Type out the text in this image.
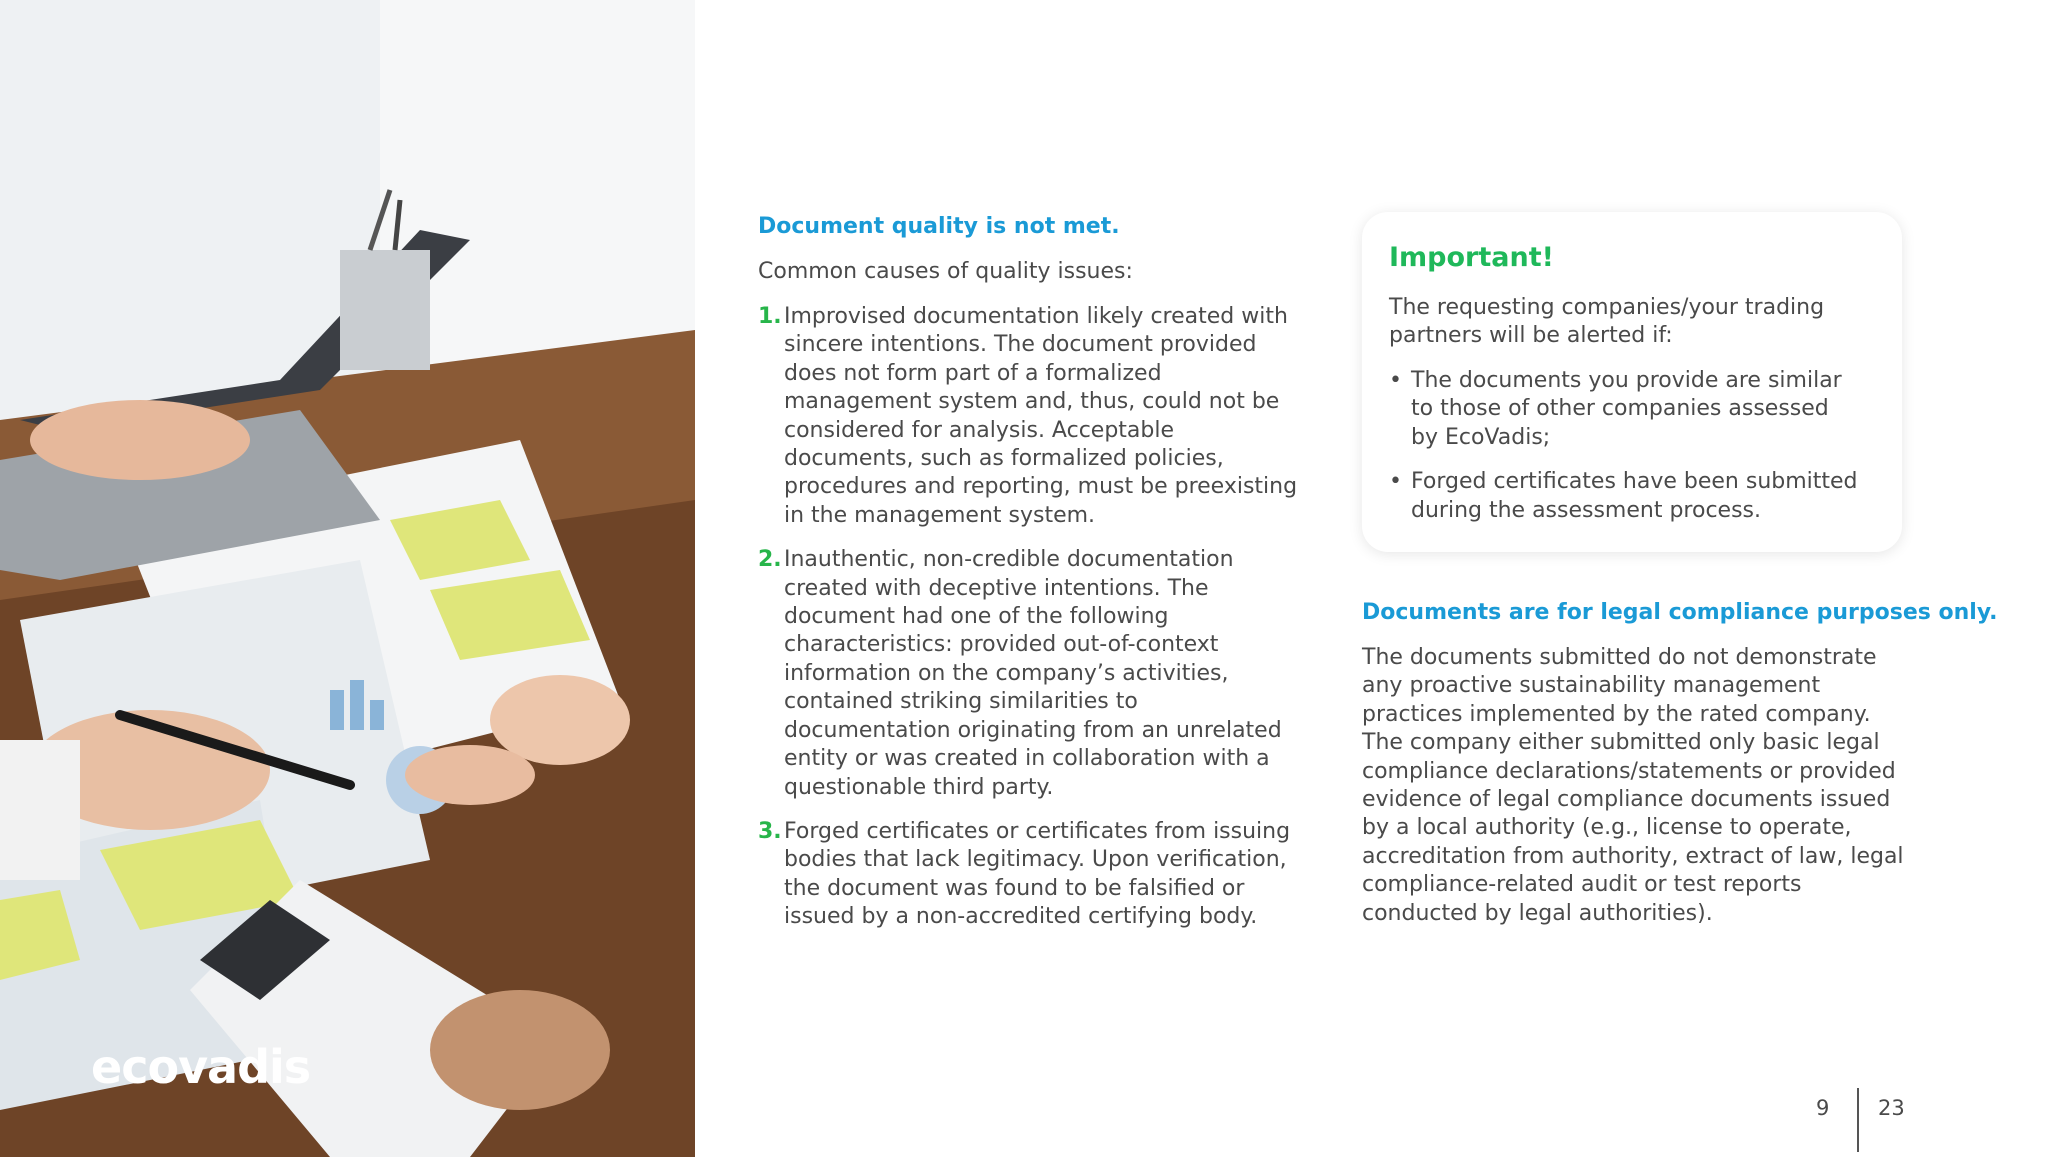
ecovadis
Document quality is not met.

Common causes of quality issues:

1. Improvised documentation likely created with sincere intentions. The document provided does not form part of a formalized management system and, thus, could not be considered for analysis. Acceptable documents, such as formalized policies, procedures and reporting, must be preexisting in the management system.
2. Inauthentic, non-credible documentation created with deceptive intentions. The document had one of the following characteristics: provided out-of-context information on the company’s activities, contained striking similarities to documentation originating from an unrelated entity or was created in collaboration with a questionable third party.
3. Forged certificates or certificates from issuing bodies that lack legitimacy. Upon verification, the document was found to be falsified or issued by a non-accredited certifying body.
Important!

The requesting companies/your trading partners will be alerted if:

• The documents you provide are similar to those of other companies assessed by EcoVadis;
• Forged certificates have been submitted during the assessment process.
Documents are for legal compliance purposes only.

The documents submitted do not demonstrate any proactive sustainability management practices implemented by the rated company. The company either submitted only basic legal compliance declarations/statements or provided evidence of legal compliance documents issued by a local authority (e.g., license to operate, accreditation from authority, extract of law, legal compliance-related audit or test reports conducted by legal authorities).

9 23
